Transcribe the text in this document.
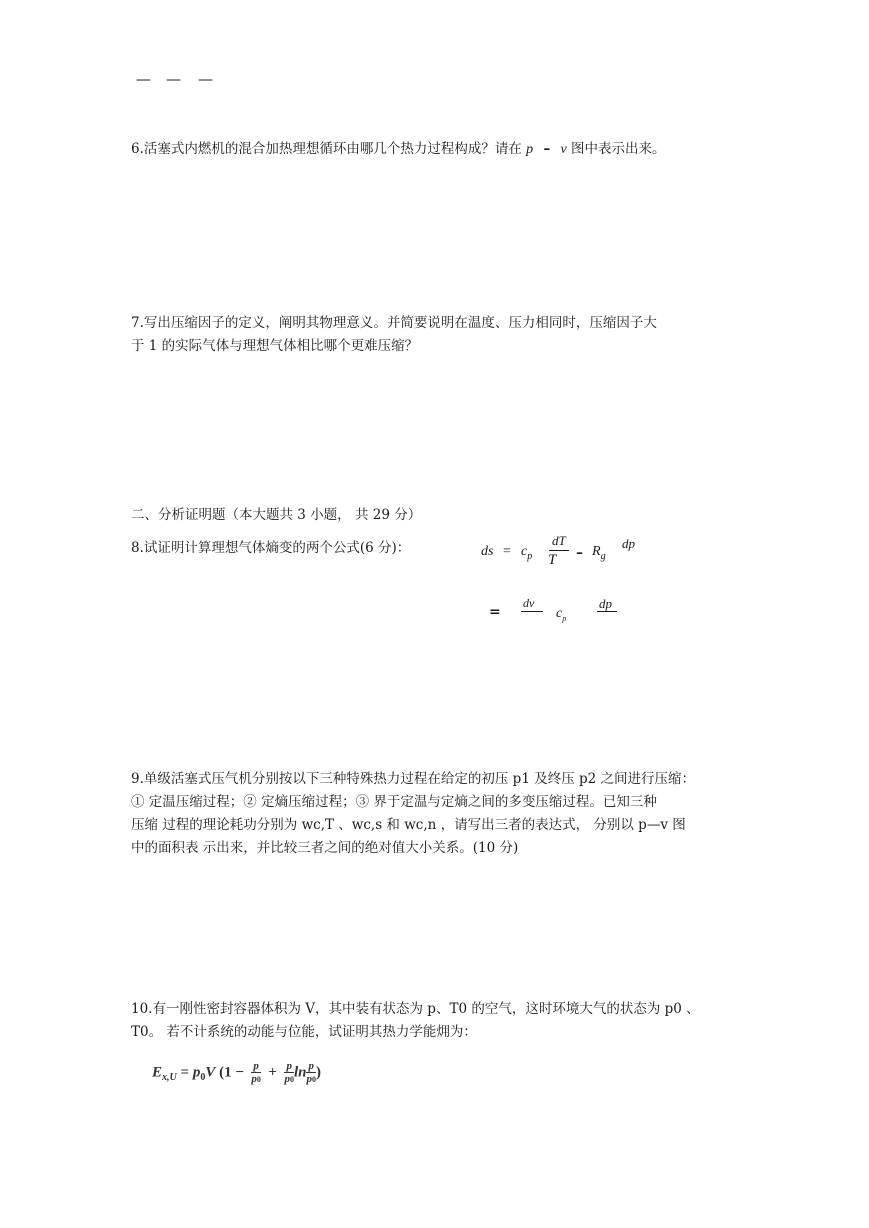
— — —
6.活塞式内燃机的混合加热理想循环由哪几个热力过程构成？请在 p – v 图中表示出来。
7.写出压缩因子的定义，阐明其物理意义。并简要说明在温度、压力相同时，压缩因子大
于 1 的实际气体与理想气体相比哪个更难压缩？
二、分析证明题（本大题共 3 小题， 共 29 分）
8.试证明计算理想气体熵变的两个公式(6 分)：	ds = $c_p$
dT
T – $R_g$
dp
=
dv
$c_p$
dp
9.单级活塞式压气机分别按以下三种特殊热力过程在给定的初压 p1 及终压 p2 之间进行压缩：
① 定温压缩过程；② 定熵压缩过程；③ 界于定温与定熵之间的多变压缩过程。已知三种
压缩 过程的理论耗功分别为 wc,T 、wc,s 和 wc,n ，请写出三者的表达式， 分别以 p—v 图
中的面积表 示出来，并比较三者之间的绝对值大小关系。(10 分)
10.有一刚性密封容器体积为 V，其中装有状态为 p、T0 的空气，这时环境大气的状态为 p0 、
T0。 若不计系统的动能与位能，试证明其热力学能㶲为：
$E_{x,U} = p_0V$ ($1 - \frac{p}{p0} + \frac{p}{p0}$ $\ln \frac{p}{p0}$ )
